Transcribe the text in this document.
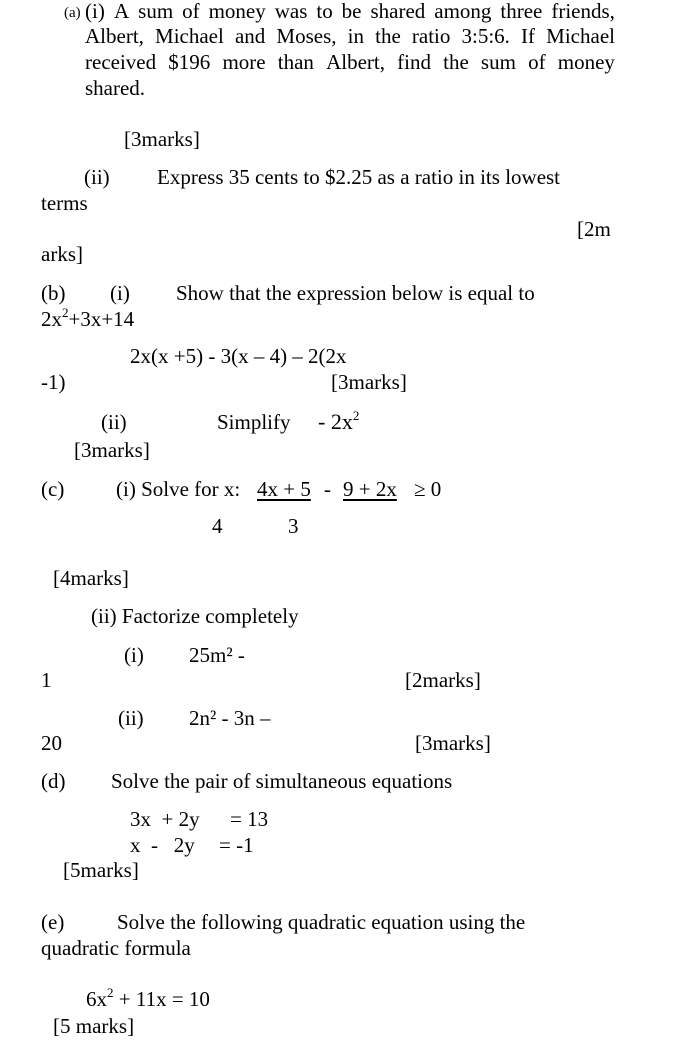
(a) (i) A sum of money was to be shared among three friends,
Albert, Michael and Moses, in the ratio 3:5:6. If Michael
received $196 more than Albert, find the sum of money
shared.
[3marks]
(ii) Express 35 cents to $2.25 as a ratio in its lowest
terms
[2m
arks]
(b) (i) Show that the expression below is equal to
$2x^2+3x+14$
2x(x +5) - 3(x – 4) – 2(2x
-1)	[3marks]
(ii)	Simplify - $2x^2$
[3marks]
(c) (i) Solve for x: 4x + 5 - 9 + 2x ≥ 0
4	3
[4marks]
(ii) Factorize completely
(i) 25m² -
1	[2marks]
(ii) 2n² - 3n –
20	[3marks]
(d) Solve the pair of simultaneous equations
3x  + 2y = 13
x  -   2y = -1
[5marks]
(e)	Solve the following quadratic equation using the
quadratic formula
$6x^2 + 11x = 10$
[5 marks]
